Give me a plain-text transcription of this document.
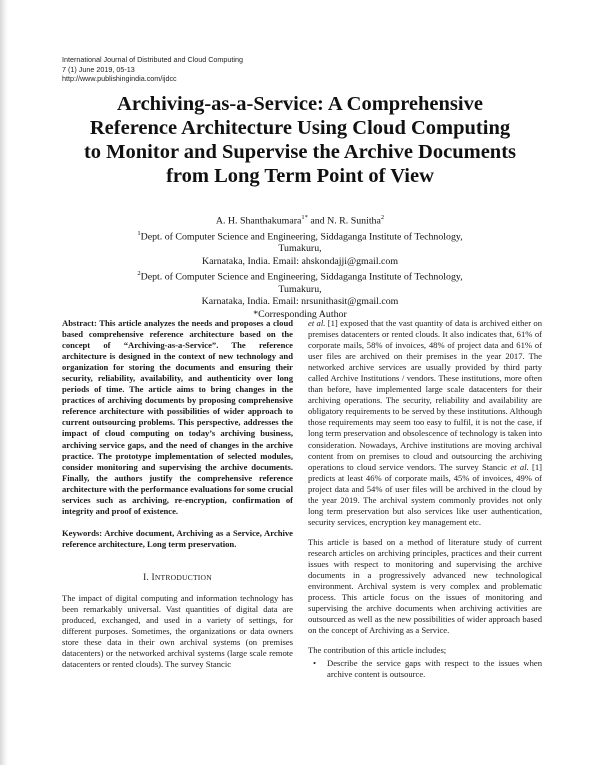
International Journal of Distributed and Cloud Computing
7 (1) June 2019, 05-13
http://www.publishingindia.com/ijdcc
Archiving-as-a-Service: A Comprehensive
Reference Architecture Using Cloud Computing
to Monitor and Supervise the Archive Documents
from Long Term Point of View
A. H. Shanthakumara$^{1*}$ and N. R. Sunitha$^2$
$^1$Dept. of Computer Science and Engineering, Siddaganga Institute of Technology, Tumakuru,
Karnataka, India. Email: ahskondajji@gmail.com
$^2$Dept. of Computer Science and Engineering, Siddaganga Institute of Technology, Tumakuru,
Karnataka, India. Email: nrsunithasit@gmail.com
*Corresponding Author
Abstract: This article analyzes the needs and proposes a cloud based comprehensive reference architecture based on the concept of “Archiving-as-a-Service”. The reference architecture is designed in the context of new technology and organization for storing the documents and ensuring their security, reliability, availability, and authenticity over long periods of time. The article aims to bring changes in the practices of archiving documents by proposing comprehensive reference architecture with possibilities of wider approach to current outsourcing problems. This perspective, addresses the impact of cloud computing on today’s archiving business, archiving service gaps, and the need of changes in the archive practice. The prototype implementation of selected modules, consider monitoring and supervising the archive documents. Finally, the authors justify the comprehensive reference architecture with the performance evaluations for some crucial services such as archiving, re-encryption, confirmation of integrity and proof of existence.
Keywords: Archive document, Archiving as a Service, Archive reference architecture, Long term preservation.
I. INTRODUCTION
The impact of digital computing and information technology has been remarkably universal. Vast quantities of digital data are produced, exchanged, and used in a variety of settings, for different purposes. Sometimes, the organizations or data owners store these data in their own archival systems (on premises datacenters) or the networked archival systems (large scale remote datacenters or rented clouds). The survey Stancic
et al. [1] exposed that the vast quantity of data is archived either on premises datacenters or rented clouds. It also indicates that, 61% of corporate mails, 58% of invoices, 48% of project data and 61% of user files are archived on their premises in the year 2017. The networked archive services are usually provided by third party called Archive Institutions / vendors. These institutions, more often than before, have implemented large scale datacenters for their archiving operations. The security, reliability and availability are obligatory requirements to be served by these institutions. Although those requirements may seem too easy to fulfil, it is not the case, if long term preservation and obsolescence of technology is taken into consideration. Nowadays, Archive institutions are moving archival content from on premises to cloud and outsourcing the archiving operations to cloud service vendors. The survey Stancic et al. [1] predicts at least 46% of corporate mails, 45% of invoices, 49% of project data and 54% of user files will be archived in the cloud by the year 2019. The archival system commonly provides not only long term preservation but also services like user authentication, security services, encryption key management etc.
This article is based on a method of literature study of current research articles on archiving principles, practices and their current issues with respect to monitoring and supervising the archive documents in a progressively advanced new technological environment. Archival system is very complex and problematic process. This article focus on the issues of monitoring and supervising the archive documents when archiving activities are outsourced as well as the new possibilities of wider approach based on the concept of Archiving as a Service.
The contribution of this article includes;
•	Describe the service gaps with respect to the issues when archive content is outsource.
